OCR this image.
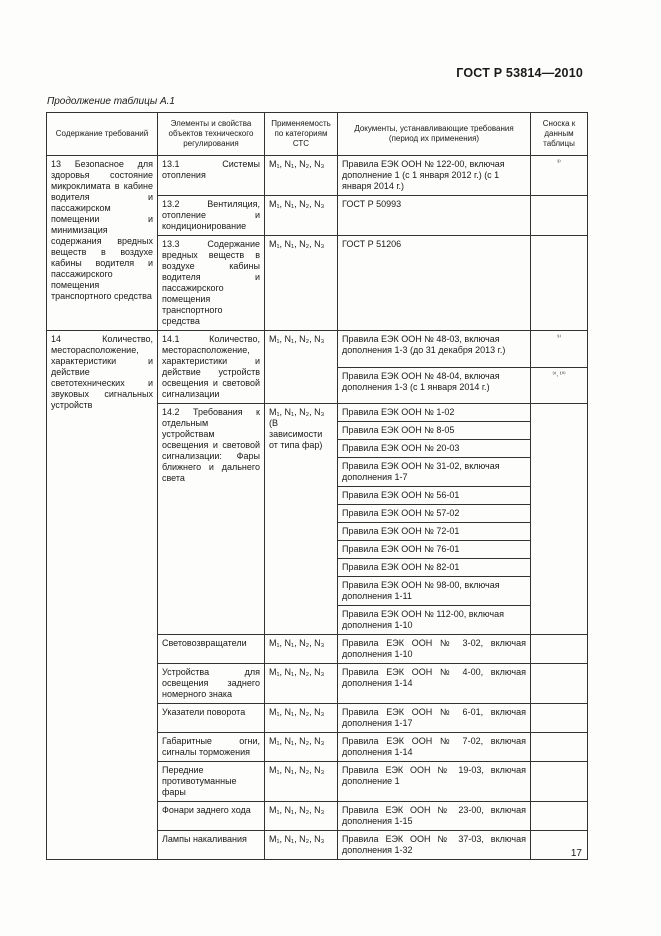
ГОСТ Р 53814—2010
Продолжение таблицы А.1
Содержание требований	Элементы и свойства объектов технического регулирования	Применяемость по категориям СТС	Документы, устанавливающие требования (период их применения)	Сноска к данным таблицы
13 Безопасное для здоровья состояние микроклимата в кабине водителя и пассажирском помещении и минимизация содержания вредных веществ в воздухе кабины водителя и пассажирского помещения транспортного средства	13.1 Системы отопления	M₁, N₁, N₂, N₃	Правила ЕЭК ООН № 122-00, включая дополнение 1 (с 1 января 2012 г.) (с 1 января 2014 г.)	³⁾
	13.2 Вентиляция, отопление и кондиционирование	M₁, N₁, N₂, N₃	ГОСТ Р 50993	
	13.3 Содержание вредных веществ в воздухе кабины водителя и пассажирского помещения транспортного средства	M₁, N₁, N₂, N₃	ГОСТ Р 51206	
14 Количество, месторасположение, характеристики и действие светотехнических и звуковых сигнальных устройств	14.1 Количество, месторасположение, характеристики и действие устройств освещения и световой сигнализации	M₁, N₁, N₂, N₃	Правила ЕЭК ООН № 48-03, включая дополнения 1-3 (до 31 декабря 2013 г.)	⁹⁾
			Правила ЕЭК ООН № 48-04, включая дополнения 1-3 (с 1 января 2014 г.)	⁹⁾, ¹⁰⁾
	14.2 Требования к отдельным устройствам освещения и световой сигнализации: Фары ближнего и дальнего света	M₁, N₁, N₂, N₃ (В зависимости от типа фар)	Правила ЕЭК ООН № 1-02	
			Правила ЕЭК ООН № 8-05	
			Правила ЕЭК ООН № 20-03	
			Правила ЕЭК ООН № 31-02, включая дополнения 1-7	
			Правила ЕЭК ООН № 56-01	
			Правила ЕЭК ООН № 57-02	
			Правила ЕЭК ООН № 72-01	
			Правила ЕЭК ООН № 76-01	
			Правила ЕЭК ООН № 82-01	
			Правила ЕЭК ООН № 98-00, включая дополнения 1-11	
			Правила ЕЭК ООН № 112-00, включая дополнения 1-10	
	Световозвращатели	M₁, N₁, N₂, N₃	Правила ЕЭК ООН № 3-02, включая дополнения 1-10	
	Устройства для освещения заднего номерного знака	M₁, N₁, N₂, N₃	Правила ЕЭК ООН № 4-00, включая дополнения 1-14	
	Указатели поворота	M₁, N₁, N₂, N₃	Правила ЕЭК ООН № 6-01, включая дополнения 1-17	
	Габаритные огни, сигналы торможения	M₁, N₁, N₂, N₃	Правила ЕЭК ООН № 7-02, включая дополнения 1-14	
	Передние противотуманные фары	M₁, N₁, N₂, N₃	Правила ЕЭК ООН № 19-03, включая дополнение 1	
	Фонари заднего хода	M₁, N₁, N₂, N₃	Правила ЕЭК ООН № 23-00, включая дополнения 1-15	
	Лампы накаливания	M₁, N₁, N₂, N₃	Правила ЕЭК ООН № 37-03, включая дополнения 1-32		17
